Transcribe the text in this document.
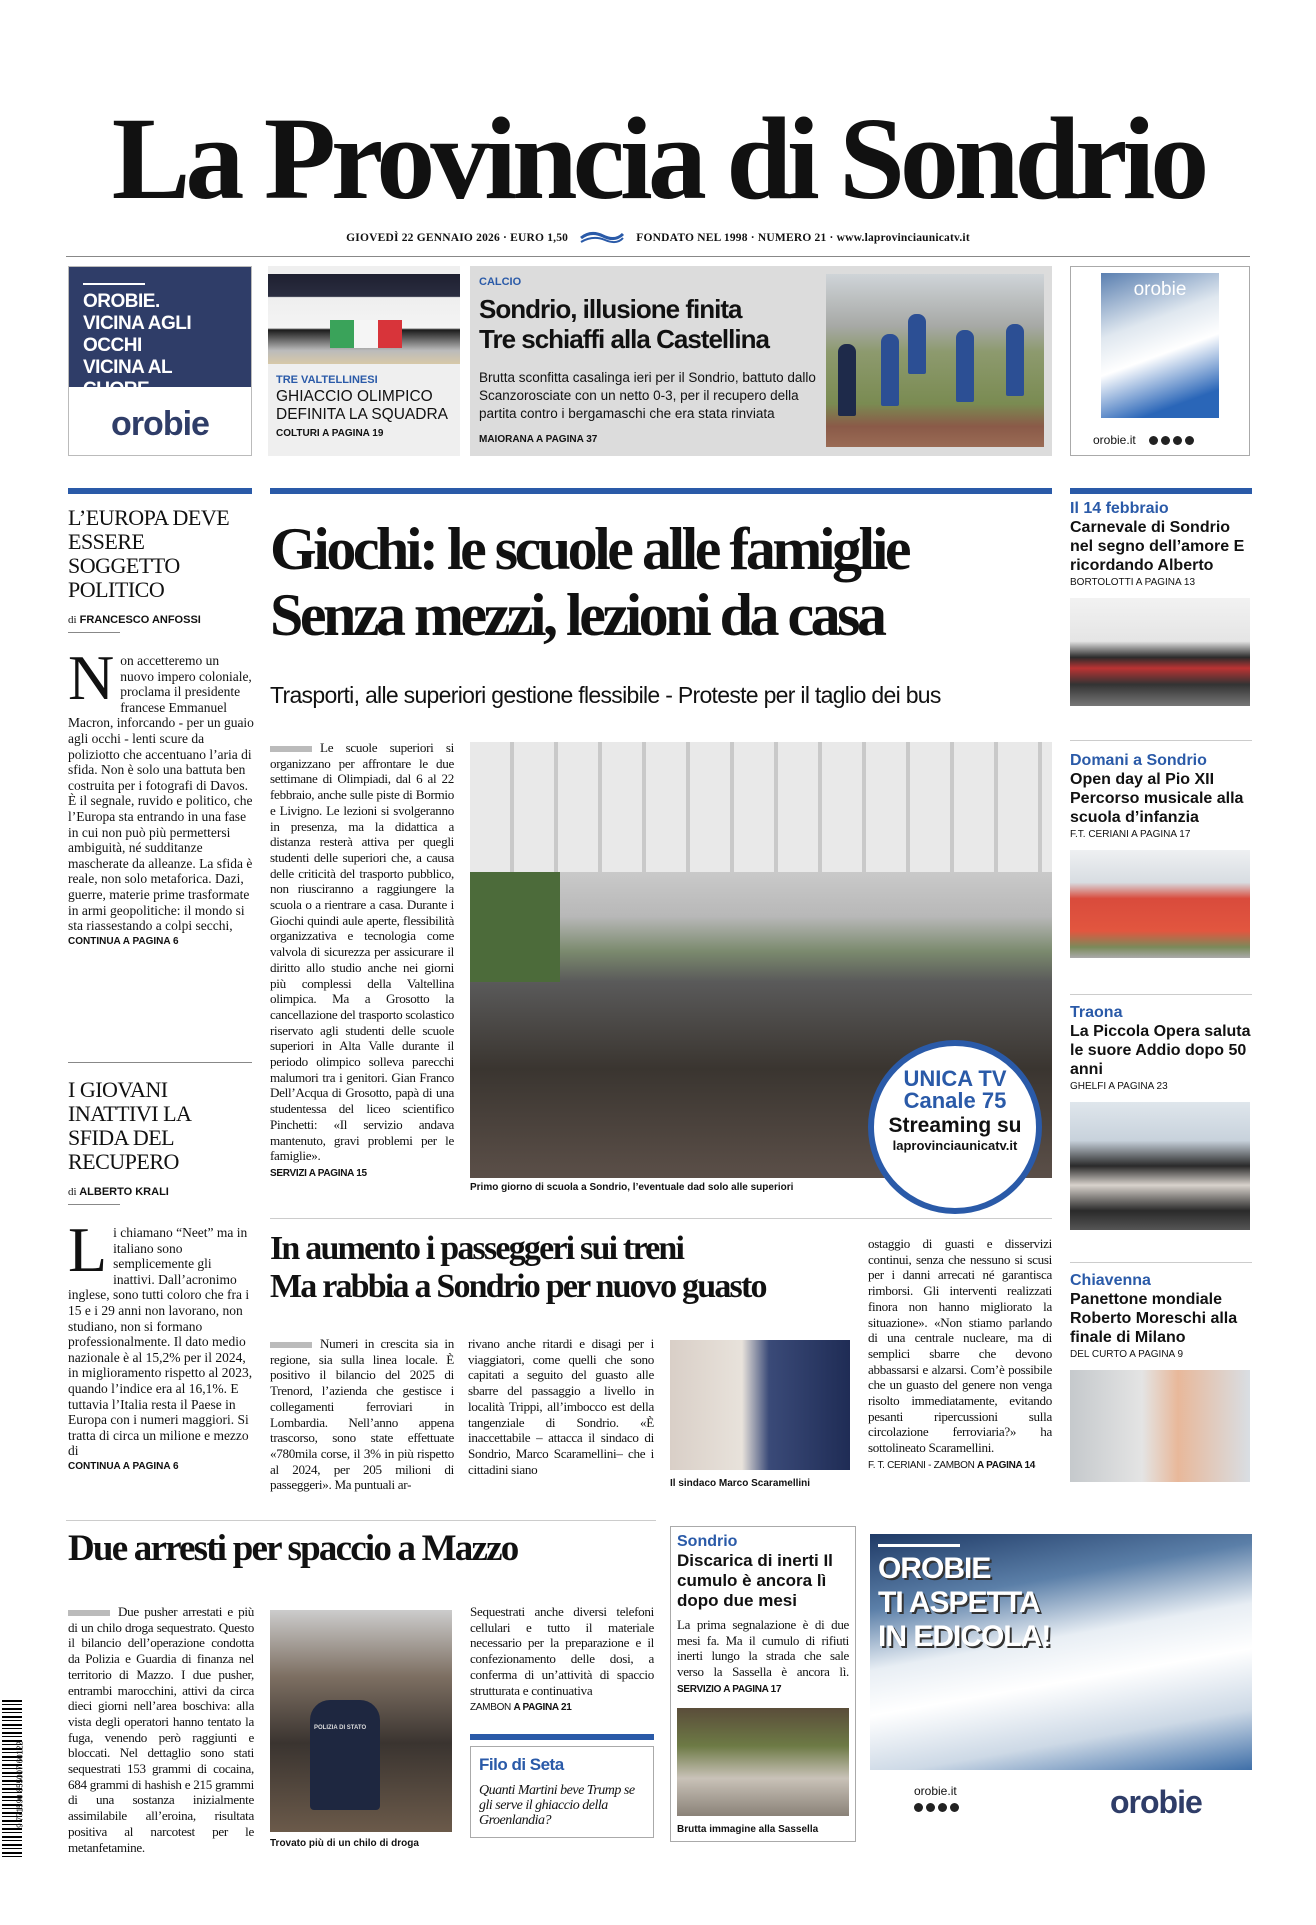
La Provincia di Sondrio
GIOVEDÌ 22 GENNAIO 2026 · EURO 1,50	FONDATO NEL 1998 · NUMERO 21 · www.laprovinciaunicatv.it
OROBIE.
VICINA AGLI OCCHI
VICINA AL CUORE
orobie
TRE VALTELLINESI
GHIACCIO OLIMPICO DEFINITA LA SQUADRA
COLTURI A PAGINA 19
CALCIO
Sondrio, illusione finita
Tre schiaffi alla Castellina
Brutta sconfitta casalinga ieri per il Sondrio, battuto dallo Scanzorosciate con un netto 0-3, per il recupero della partita contro i bergamaschi che era stata rinviata
MAIORANA A PAGINA 37
orobie
orobie.it
L’EUROPA DEVE ESSERE SOGGETTO POLITICO
di FRANCESCO ANFOSSI
Non accetteremo un nuovo impero coloniale, proclama il presidente francese Emmanuel Macron, inforcando - per un guaio agli occhi - lenti scure da poliziotto che accentuano l’aria di sfida. Non è solo una battuta ben costruita per i fotografi di Davos. È il segnale, ruvido e politico, che l’Europa sta entrando in una fase in cui non può più permettersi ambiguità, né sudditanze mascherate da alleanze. La sfida è reale, non solo metaforica. Dazi, guerre, materie prime trasformate in armi geopolitiche: il mondo si sta riassestando a colpi secchi,
CONTINUA A PAGINA 6
I GIOVANI INATTIVI LA SFIDA DEL RECUPERO
di ALBERTO KRALI
Li chiamano “Neet” ma in italiano sono semplicemente gli inattivi. Dall’acronimo inglese, sono tutti coloro che fra i 15 e i 29 anni non lavorano, non studiano, non si formano professionalmente. Il dato medio nazionale è al 15,2% per il 2024, in miglioramento rispetto al 2023, quando l’indice era al 16,1%. E tuttavia l’Italia resta il Paese in Europa con i numeri maggiori. Si tratta di circa un milione e mezzo di
CONTINUA A PAGINA 6
Giochi: le scuole alle famiglie
Senza mezzi, lezioni da casa
Trasporti, alle superiori gestione flessibile - Proteste per il taglio dei bus
Le scuole superiori si organizzano per affrontare le due settimane di Olimpiadi, dal 6 al 22 febbraio, anche sulle piste di Bormio e Livigno. Le lezioni si svolgeranno in presenza, ma la didattica a distanza resterà attiva per quegli studenti delle superiori che, a causa delle criticità del trasporto pubblico, non riusciranno a raggiungere la scuola o a rientrare a casa. Durante i Giochi quindi aule aperte, flessibilità organizzativa e tecnologia come valvola di sicurezza per assicurare il diritto allo studio anche nei giorni più complessi della Valtellina olimpica. Ma a Grosotto la cancellazione del trasporto scolastico riservato agli studenti delle scuole superiori in Alta Valle durante il periodo olimpico solleva parecchi malumori tra i genitori. Gian Franco Dell’Acqua di Grosotto, papà di una studentessa del liceo scientifico Pinchetti: «Il servizio andava mantenuto, gravi problemi per le famiglie».
SERVIZI A PAGINA 15
Primo giorno di scuola a Sondrio, l’eventuale dad solo alle superiori
UNICA TV
Canale 75
Streaming su
laprovinciaunicatv.it
In aumento i passeggeri sui treni
Ma rabbia a Sondrio per nuovo guasto
Numeri in crescita sia in regione, sia sulla linea locale. È positivo il bilancio del 2025 di Trenord, l’azienda che gestisce i collegamenti ferroviari in Lombardia. Nell’anno appena trascorso, sono state effettuate «780mila corse, il 3% in più rispetto al 2024, per 205 milioni di passeggeri». Ma puntuali ar-
rivano anche ritardi e disagi per i viaggiatori, come quelli che sono capitati a seguito del guasto alle sbarre del passaggio a livello in località Trippi, all’imbocco est della tangenziale di Sondrio. «È inaccettabile – attacca il sindaco di Sondrio, Marco Scaramellini– che i cittadini siano
Il sindaco Marco Scaramellini
ostaggio di guasti e disservizi continui, senza che nessuno si scusi per i danni arrecati né garantisca rimborsi. Gli interventi realizzati finora non hanno migliorato la situazione». «Non stiamo parlando di una centrale nucleare, ma di semplici sbarre che devono abbassarsi e alzarsi. Com’è possibile che un guasto del genere non venga risolto immediatamente, evitando pesanti ripercussioni sulla circolazione ferroviaria?» ha sottolineato Scaramellini.
F. T. CERIANI - ZAMBON A PAGINA 14
Il 14 febbraio
Carnevale di Sondrio nel segno dell’amore E ricordando Alberto
BORTOLOTTI A PAGINA 13
Domani a Sondrio
Open day al Pio XII Percorso musicale alla scuola d’infanzia
F.T. CERIANI A PAGINA 17
Traona
La Piccola Opera saluta le suore Addio dopo 50 anni
GHELFI A PAGINA 23
Chiavenna
Panettone mondiale Roberto Moreschi alla finale di Milano
DEL CURTO A PAGINA 9
Due arresti per spaccio a Mazzo
Due pusher arrestati e più di un chilo droga sequestrato. Questo il bilancio dell’operazione condotta da Polizia e Guardia di finanza nel territorio di Mazzo. I due pusher, entrambi marocchini, attivi da circa dieci giorni nell’area boschiva: alla vista degli operatori hanno tentato la fuga, venendo però raggiunti e bloccati. Nel dettaglio sono stati sequestrati 153 grammi di cocaina, 684 grammi di hashish e 215 grammi di una sostanza inizialmente assimilabile all’eroina, risultata positiva al narcotest per le metanfetamine.
POLIZIA DI STATO
Trovato più di un chilo di droga
Sequestrati anche diversi telefoni cellulari e tutto il materiale necessario per la preparazione e il confezionamento delle dosi, a conferma di un’attività di spaccio strutturata e continuativa
ZAMBON A PAGINA 21
Filo di Seta
Quanti Martini beve Trump se gli serve il ghiaccio della Groenlandia?
Sondrio
Discarica di inerti Il cumulo è ancora lì dopo due mesi
La prima segnalazione è di due mesi fa. Ma il cumulo di rifiuti inerti lungo la strada che sale verso la Sassella è ancora lì. SERVIZIO A PAGINA 17
Brutta immagine alla Sassella
OROBIE
TI ASPETTA
IN EDICOLA!
orobie.it	orobie
9 771590 855007 60122
